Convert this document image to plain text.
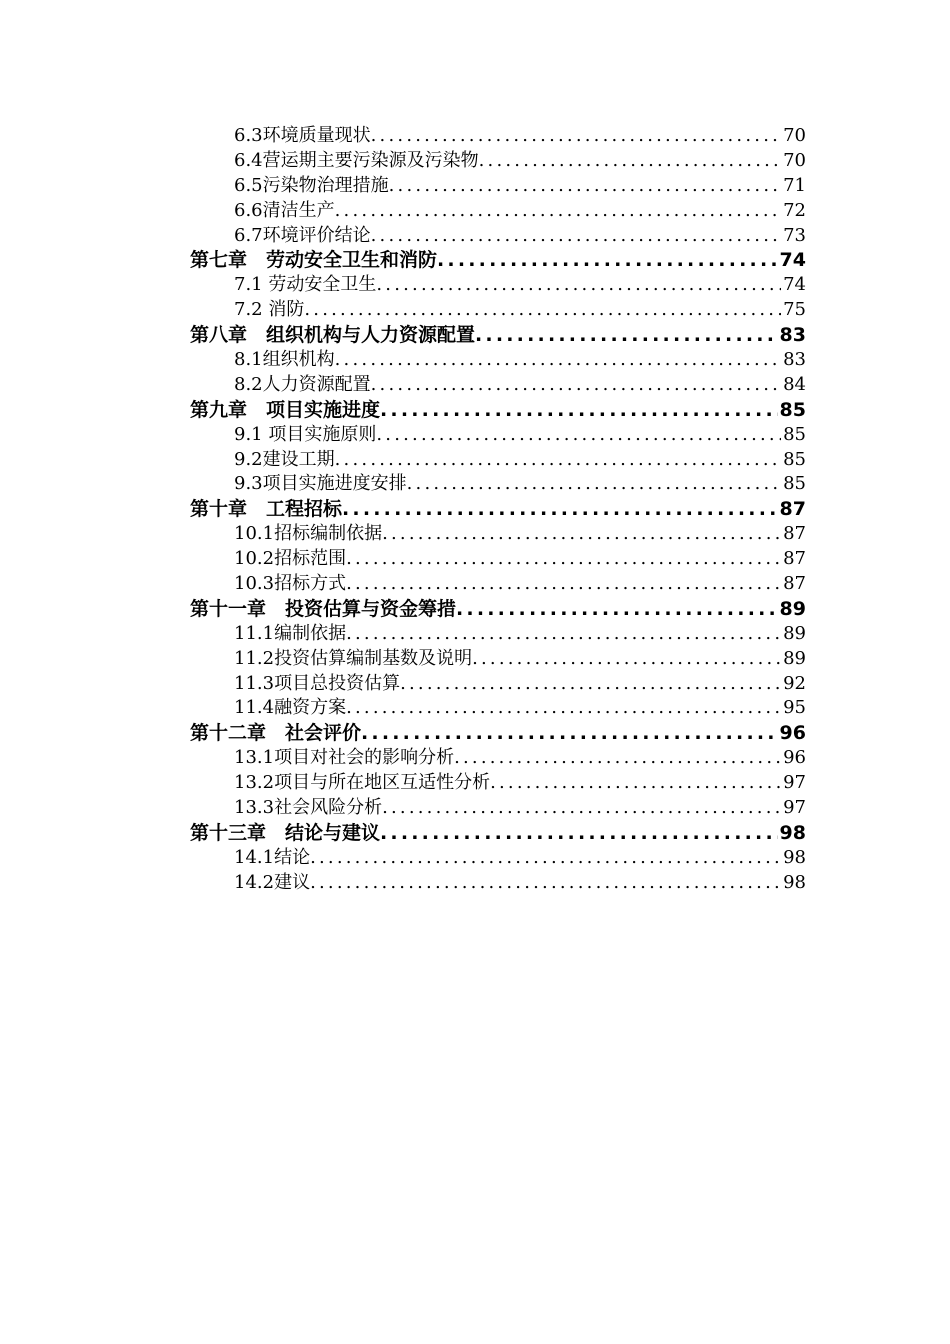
6.3环境质量现状 .....	70
6.4营运期主要污染源及污染物 .....	70
6.5污染物治理措施 .....	71
6.6清洁生产 .....	72
6.7环境评价结论 .....	73
第七章　劳动安全卫生和消防 .....	74
7.1 劳动安全卫生 .....	74
7.2 消防 .....	75
第八章　组织机构与人力资源配置 .....	83
8.1组织机构 .....	83
8.2人力资源配置 .....	84
第九章　项目实施进度 .....	85
9.1 项目实施原则 .....	85
9.2建设工期 .....	85
9.3项目实施进度安排 .....	85
第十章　工程招标 .....	87
10.1招标编制依据 .....	87
10.2招标范围 .....	87
10.3招标方式 .....	87
第十一章　投资估算与资金筹措 .....	89
11.1编制依据 .....	89
11.2投资估算编制基数及说明 .....	89
11.3项目总投资估算 .....	92
11.4融资方案 .....	95
第十二章　社会评价 .....	96
13.1项目对社会的影响分析 .....	96
13.2项目与所在地区互适性分析 .....	97
13.3社会风险分析 .....	97
第十三章　结论与建议 .....	98
14.1结论 .....	98
14.2建议 .....	98
